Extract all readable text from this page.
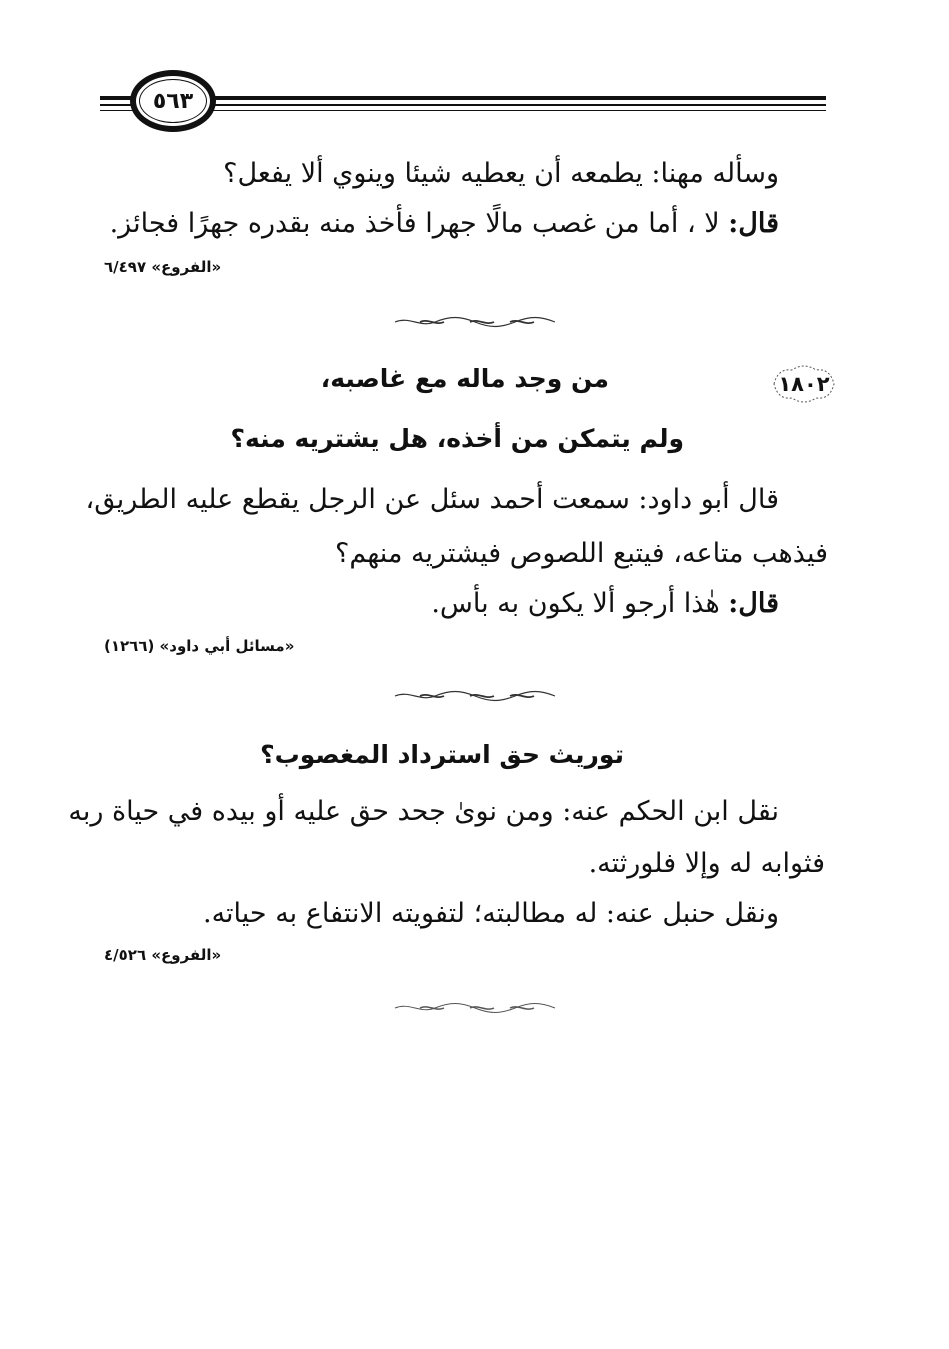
٥٦٣
وسأله مهنا: يطمعه أن يعطيه شيئا وينوي ألا يفعل؟
قال: لا ، أما من غصب مالًا جهرا فأخذ منه بقدره جهرًا فجائز.
«الفروع» ٦/٤٩٧
١٨٠٢
من وجد ماله مع غاصبه،
ولم يتمكن من أخذه، هل يشتريه منه؟
قال أبو داود: سمعت أحمد سئل عن الرجل يقطع عليه الطريق،
فيذهب متاعه، فيتبع اللصوص فيشتريه منهم؟
قال: هٰذا أرجو ألا يكون به بأس.
«مسائل أبي داود» (١٢٦٦)
توريث حق استرداد المغصوب؟
نقل ابن الحكم عنه: ومن نوىٰ جحد حق عليه أو بيده في حياة ربه
فثوابه له وإلا فلورثته.
ونقل حنبل عنه: له مطالبته؛ لتفويته الانتفاع به حياته.
«الفروع» ٤/٥٢٦
